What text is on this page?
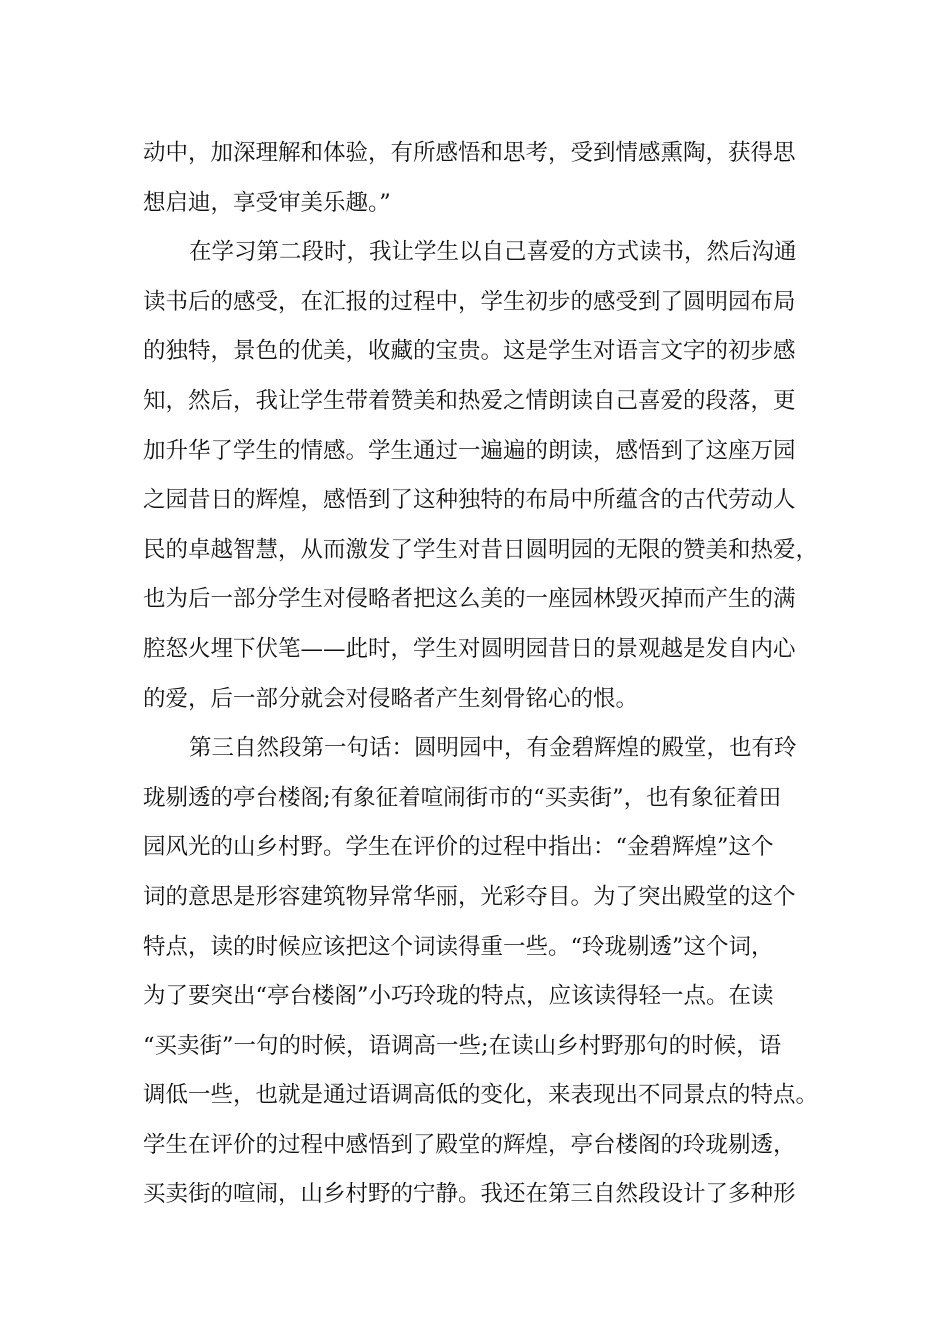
动中，加深理解和体验，有所感悟和思考，受到情感熏陶，获得思
想启迪，享受审美乐趣。”
在学习第二段时，我让学生以自己喜爱的方式读书，然后沟通
读书后的感受，在汇报的过程中，学生初步的感受到了圆明园布局
的独特，景色的优美，收藏的宝贵。这是学生对语言文字的初步感
知，然后，我让学生带着赞美和热爱之情朗读自己喜爱的段落，更
加升华了学生的情感。学生通过一遍遍的朗读，感悟到了这座万园
之园昔日的辉煌，感悟到了这种独特的布局中所蕴含的古代劳动人
民的卓越智慧，从而激发了学生对昔日圆明园的无限的赞美和热爱，
也为后一部分学生对侵略者把这么美的一座园林毁灭掉而产生的满
腔怒火埋下伏笔——此时，学生对圆明园昔日的景观越是发自内心
的爱，后一部分就会对侵略者产生刻骨铭心的恨。
第三自然段第一句话：圆明园中，有金碧辉煌的殿堂，也有玲
珑剔透的亭台楼阁;有象征着喧闹街市的“买卖街”，也有象征着田
园风光的山乡村野。学生在评价的过程中指出：“金碧辉煌”这个
词的意思是形容建筑物异常华丽，光彩夺目。为了突出殿堂的这个
特点，读的时候应该把这个词读得重一些。“玲珑剔透”这个词，
为了要突出“亭台楼阁”小巧玲珑的特点，应该读得轻一点。在读
“买卖街”一句的时候，语调高一些;在读山乡村野那句的时候，语
调低一些，也就是通过语调高低的变化，来表现出不同景点的特点。
学生在评价的过程中感悟到了殿堂的辉煌，亭台楼阁的玲珑剔透，
买卖街的喧闹，山乡村野的宁静。我还在第三自然段设计了多种形
